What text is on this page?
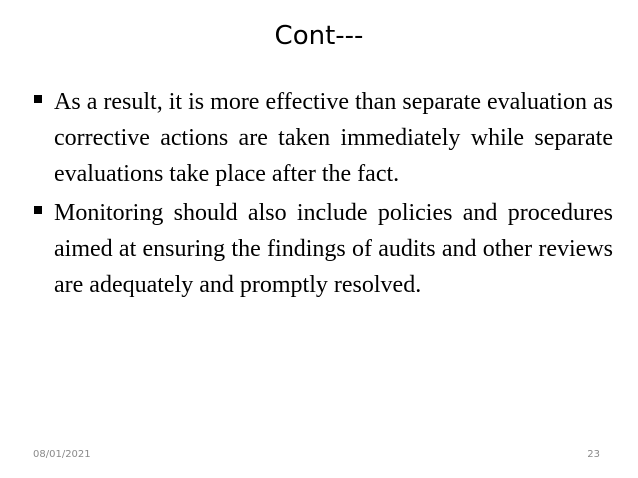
Cont---
As a result, it is more effective than separate evaluation as corrective actions are taken immediately while separate evaluations take place after the fact.
Monitoring should also include policies and procedures aimed at ensuring the findings of audits and other reviews are adequately and promptly resolved.
08/01/2021	23
